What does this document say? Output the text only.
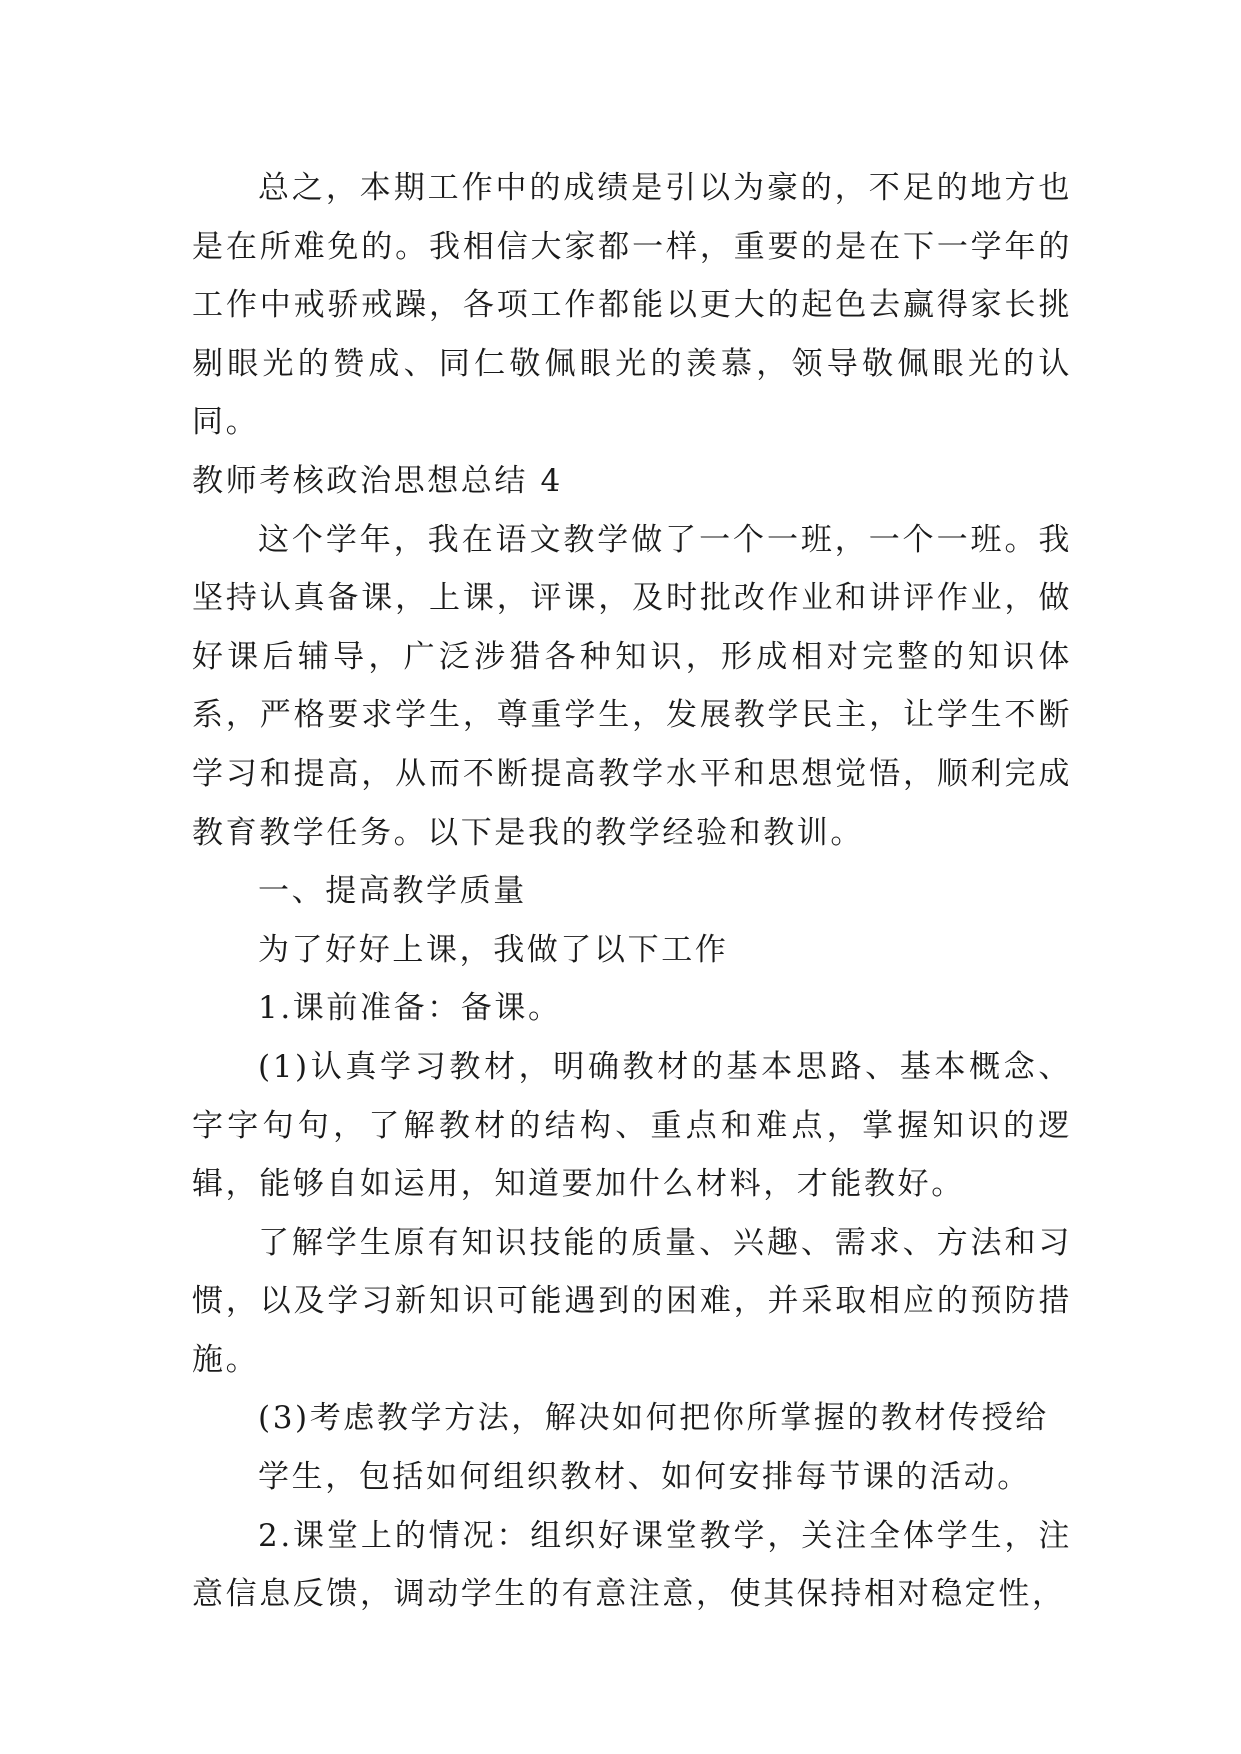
总之，本期工作中的成绩是引以为豪的，不足的地方也是在所难免的。我相信大家都一样，重要的是在下一学年的工作中戒骄戒躁，各项工作都能以更大的起色去赢得家长挑剔眼光的赞成、同仁敬佩眼光的羡慕，领导敬佩眼光的认同。

教师考核政治思想总结 4

这个学年，我在语文教学做了一个一班，一个一班。我坚持认真备课，上课，评课，及时批改作业和讲评作业，做好课后辅导，广泛涉猎各种知识，形成相对完整的知识体系，严格要求学生，尊重学生，发展教学民主，让学生不断学习和提高，从而不断提高教学水平和思想觉悟，顺利完成教育教学任务。以下是我的教学经验和教训。

一、提高教学质量

为了好好上课，我做了以下工作

1.课前准备：备课。

(1)认真学习教材，明确教材的基本思路、基本概念、字字句句，了解教材的结构、重点和难点，掌握知识的逻辑，能够自如运用，知道要加什么材料，才能教好。

了解学生原有知识技能的质量、兴趣、需求、方法和习惯，以及学习新知识可能遇到的困难，并采取相应的预防措施。

(3)考虑教学方法，解决如何把你所掌握的教材传授给

学生，包括如何组织教材、如何安排每节课的活动。

2.课堂上的情况：组织好课堂教学，关注全体学生，注意信息反馈，调动学生的有意注意，使其保持相对稳定性，
